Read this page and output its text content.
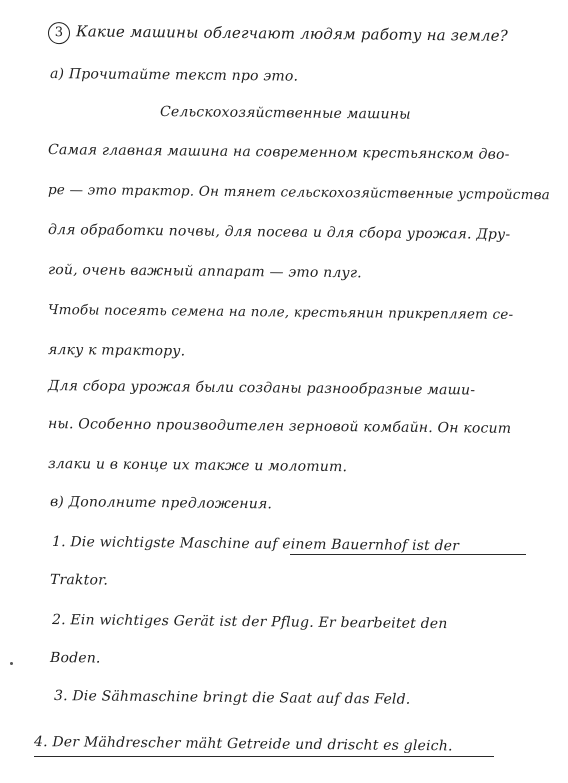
3 Какие машины облегчают людям работу на земле?
а) Прочитайте текст про это.
Сельскохозяйственные машины
Самая главная машина на современном крестьянском дво-
ре — это трактор. Он тянет сельскохозяйственные устройства
для обработки почвы, для посева и для сбора урожая. Дру-
гой, очень важный аппарат — это плуг.
Чтобы посеять семена на поле, крестьянин прикрепляет се-
ялку к трактору.
Для сбора урожая были созданы разнообразные маши-
ны. Особенно производителен зерновой комбайн. Он косит
злаки и в конце их также и молотит.
в) Дополните предложения.
1. Die wichtigste Maschine auf einem Bauernhof ist der
Traktor.
2. Ein wichtiges Gerät ist der Pflug. Er bearbeitet den
Boden.
3. Die Sähmaschine bringt die Saat auf das Feld.
4. Der Mähdrescher mäht Getreide und drischt es gleich.
